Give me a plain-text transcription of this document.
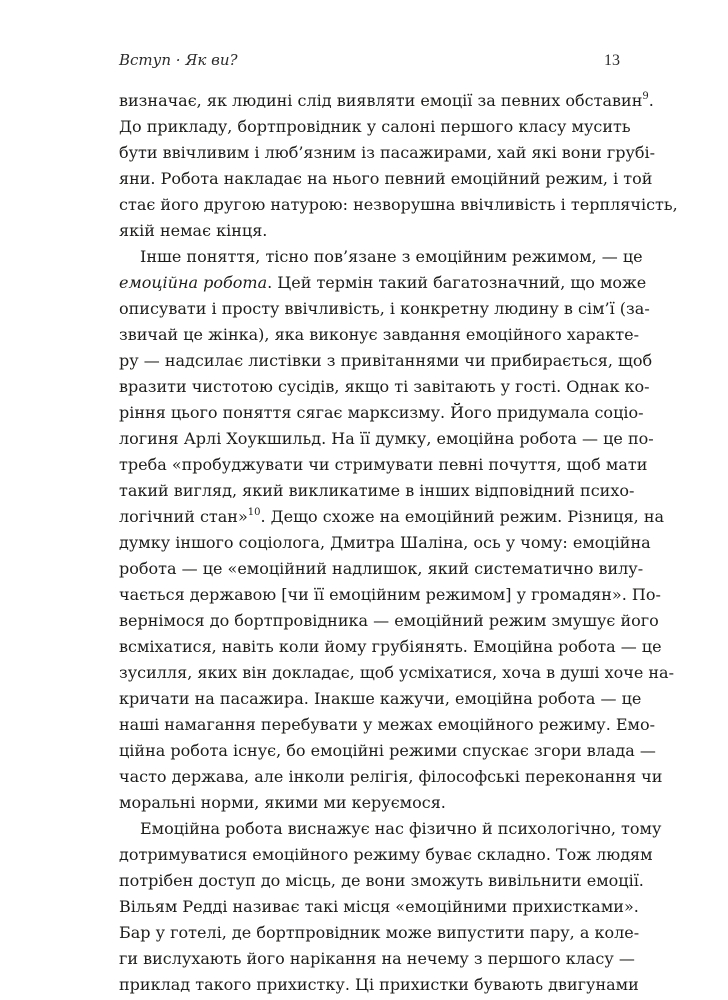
Вступ · Як ви?	13
визначає, як людині слід виявляти емоції за певних обставин$^9$.
До прикладу, бортпровідник у салоні першого класу мусить
бути ввічливим і люб’язним із пасажирами, хай які вони грубі-
яни. Робота накладає на нього певний емоційний режим, і той
стає його другою натурою: незворушна ввічливість і терплячість,
якій немає кінця.
Інше поняття, тісно пов’язане з емоційним режимом, — це
емоційна робота. Цей термін такий багатозначний, що може
описувати і просту ввічливість, і конкретну людину в сім’ї (за-
звичай це жінка), яка виконує завдання емоційного характе-
ру — надсилає листівки з привітаннями чи прибирається, щоб
вразити чистотою сусідів, якщо ті завітають у гості. Однак ко-
ріння цього поняття сягає марксизму. Його придумала соціо-
логиня Арлі Хоукшильд. На її думку, емоційна робота — це по-
треба «пробуджувати чи стримувати певні почуття, щоб мати
такий вигляд, який викликатиме в інших відповідний психо-
логічний стан»$^{10}$. Дещо схоже на емоційний режим. Різниця, на
думку іншого соціолога, Дмитра Шаліна, ось у чому: емоційна
робота — це «емоційний надлишок, який систематично вилу-
чається державою [чи її емоційним режимом] у громадян». По-
вернімося до бортпровідника — емоційний режим змушує його
всміхатися, навіть коли йому грубіянять. Емоційна робота — це
зусилля, яких він докладає, щоб усміхатися, хоча в душі хоче на-
кричати на пасажира. Інакше кажучи, емоційна робота — це
наші намагання перебувати у межах емоційного режиму. Емо-
ційна робота існує, бо емоційні режими спускає згори влада —
часто держава, але інколи релігія, філософські переконання чи
моральні норми, якими ми керуємося.
Емоційна робота виснажує нас фізично й психологічно, тому
дотримуватися емоційного режиму буває складно. Тож людям
потрібен доступ до місць, де вони зможуть вивільнити емоції.
Вільям Редді називає такі місця «емоційними прихистками».
Бар у готелі, де бортпровідник може випустити пару, а коле-
ги вислухають його нарікання на нечему з першого класу —
приклад такого прихистку. Ці прихистки бувають двигунами
